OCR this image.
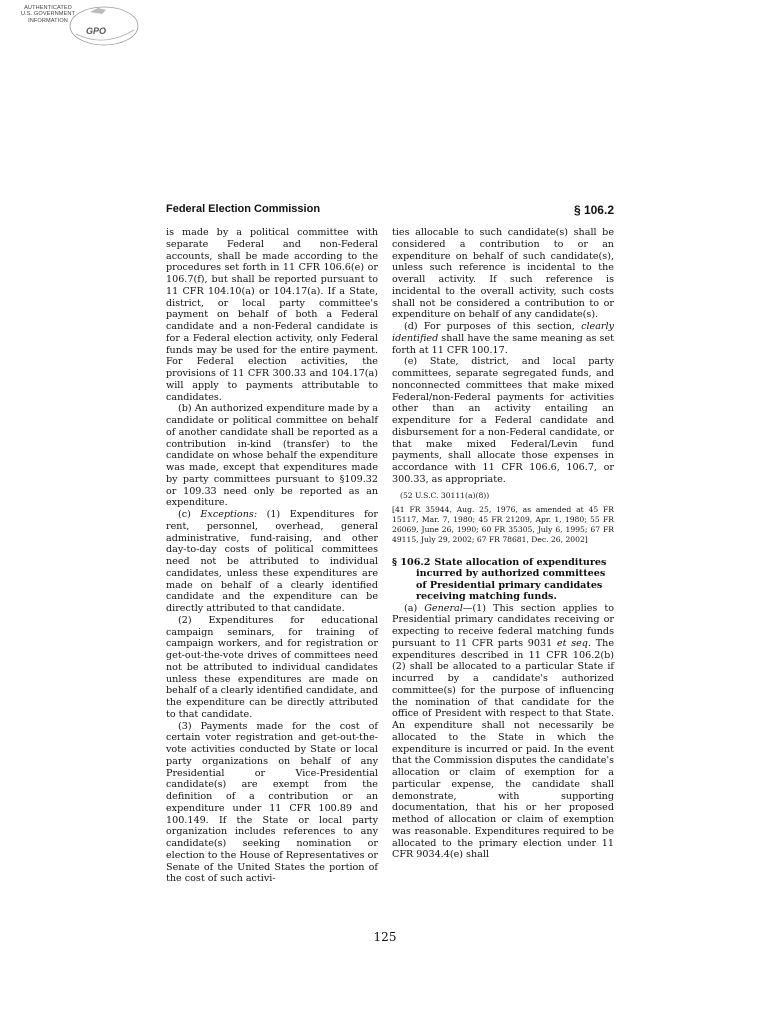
AUTHENTICATED
U.S. GOVERNMENT
INFORMATION
GPO
Federal Election Commission	§ 106.2

is made by a political committee with separate Federal and non-Federal accounts, shall be made according to the procedures set forth in 11 CFR 106.6(e) or 106.7(f), but shall be reported pursuant to 11 CFR 104.10(a) or 104.17(a). If a State, district, or local party committee's payment on behalf of both a Federal candidate and a non-Federal candidate is for a Federal election activity, only Federal funds may be used for the entire payment. For Federal election activities, the provisions of 11 CFR 300.33 and 104.17(a) will apply to payments attributable to candidates.

(b) An authorized expenditure made by a candidate or political committee on behalf of another candidate shall be reported as a contribution in-kind (transfer) to the candidate on whose behalf the expenditure was made, except that expenditures made by party committees pursuant to §109.32 or 109.33 need only be reported as an expenditure.

(c) Exceptions: (1) Expenditures for rent, personnel, overhead, general administrative, fund-raising, and other day-to-day costs of political committees need not be attributed to individual candidates, unless these expenditures are made on behalf of a clearly identified candidate and the expenditure can be directly attributed to that candidate.

(2) Expenditures for educational campaign seminars, for training of campaign workers, and for registration or get-out-the-vote drives of committees need not be attributed to individual candidates unless these expenditures are made on behalf of a clearly identified candidate, and the expenditure can be directly attributed to that candidate.

(3) Payments made for the cost of certain voter registration and get-out-the-vote activities conducted by State or local party organizations on behalf of any Presidential or Vice-Presidential candidate(s) are exempt from the definition of a contribution or an expenditure under 11 CFR 100.89 and 100.149. If the State or local party organization includes references to any candidate(s) seeking nomination or election to the House of Representatives or Senate of the United States the portion of the cost of such activi-

ties allocable to such candidate(s) shall be considered a contribution to or an expenditure on behalf of such candidate(s), unless such reference is incidental to the overall activity. If such reference is incidental to the overall activity, such costs shall not be considered a contribution to or expenditure on behalf of any candidate(s).

(d) For purposes of this section, clearly identified shall have the same meaning as set forth at 11 CFR 100.17.

(e) State, district, and local party committees, separate segregated funds, and nonconnected committees that make mixed Federal/non-Federal payments for activities other than an activity entailing an expenditure for a Federal candidate and disbursement for a non-Federal candidate, or that make mixed Federal/Levin fund payments, shall allocate those expenses in accordance with 11 CFR 106.6, 106.7, or 300.33, as appropriate.

(52 U.S.C. 30111(a)(8))

[41 FR 35944, Aug. 25, 1976, as amended at 45 FR 15117, Mar. 7, 1980; 45 FR 21209, Apr. 1, 1980; 55 FR 26069, June 26, 1990; 60 FR 35305, July 6, 1995; 67 FR 49115, July 29, 2002; 67 FR 78681, Dec. 26, 2002]

§ 106.2 State allocation of expenditures incurred by authorized committees of Presidential primary candidates receiving matching funds.

(a) General—(1) This section applies to Presidential primary candidates receiving or expecting to receive federal matching funds pursuant to 11 CFR parts 9031 et seq. The expenditures described in 11 CFR 106.2(b)(2) shall be allocated to a particular State if incurred by a candidate's authorized committee(s) for the purpose of influencing the nomination of that candidate for the office of President with respect to that State. An expenditure shall not necessarily be allocated to the State in which the expenditure is incurred or paid. In the event that the Commission disputes the candidate's allocation or claim of exemption for a particular expense, the candidate shall demonstrate, with supporting documentation, that his or her proposed method of allocation or claim of exemption was reasonable. Expenditures required to be allocated to the primary election under 11 CFR 9034.4(e) shall

125
